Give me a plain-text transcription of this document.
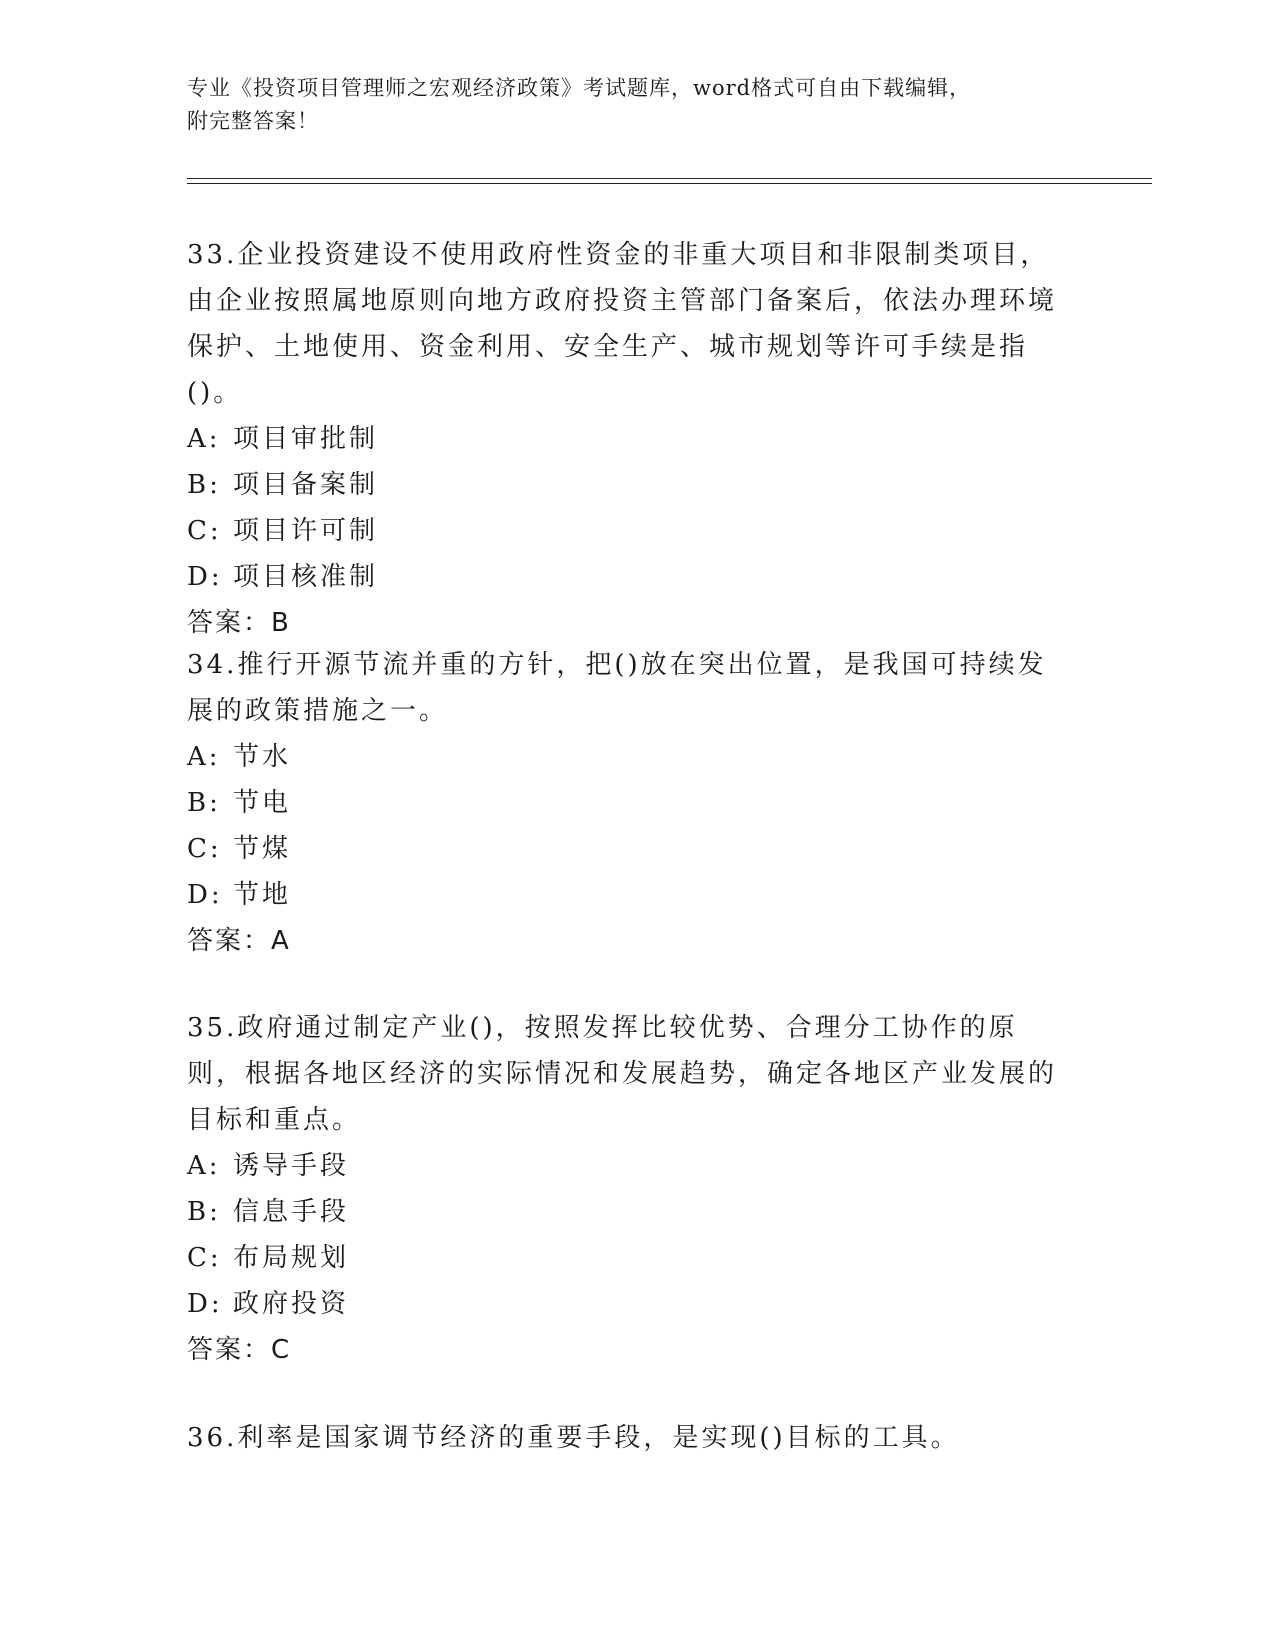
专业《投资项目管理师之宏观经济政策》考试题库，word格式可自由下载编辑，
附完整答案！

33.企业投资建设不使用政府性资金的非重大项目和非限制类项目，由企业按照属地原则向地方政府投资主管部门备案后，依法办理环境保护、土地使用、资金利用、安全生产、城市规划等许可手续是指()。

A: 项目审批制

B: 项目备案制

C: 项目许可制

D: 项目核准制

答案：B

34.推行开源节流并重的方针，把()放在突出位置，是我国可持续发展的政策措施之一。

A: 节水

B: 节电

C: 节煤

D: 节地

答案：A

35.政府通过制定产业()，按照发挥比较优势、合理分工协作的原则，根据各地区经济的实际情况和发展趋势，确定各地区产业发展的目标和重点。

A: 诱导手段

B: 信息手段

C: 布局规划

D: 政府投资

答案：C

36.利率是国家调节经济的重要手段，是实现()目标的工具。
